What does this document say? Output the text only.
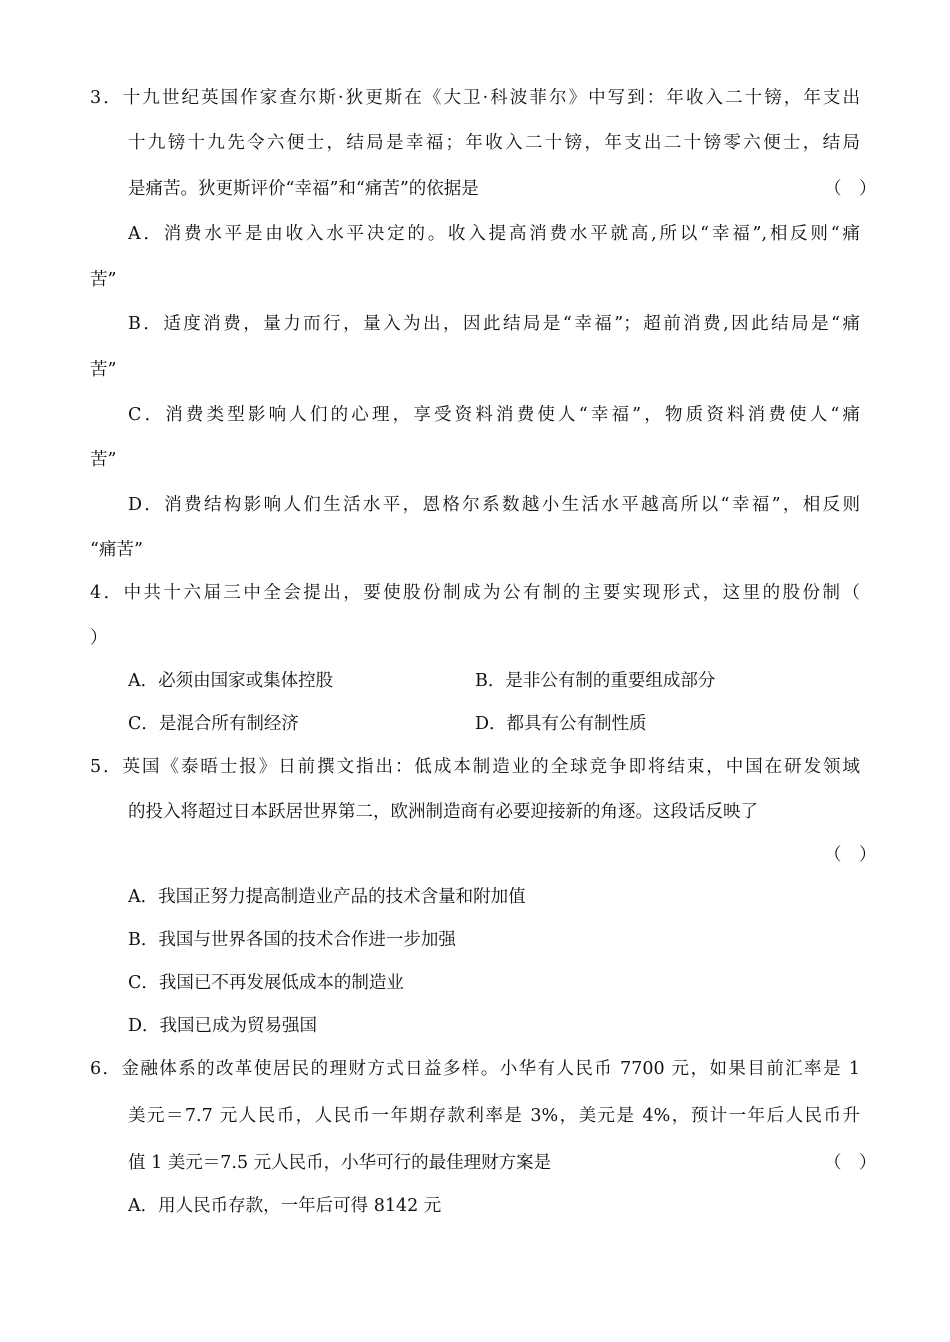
3．十九世纪英国作家查尔斯·狄更斯在《大卫·科波菲尔》中写到：年收入二十镑，年支出
十九镑十九先令六便士，结局是幸福；年收入二十镑，年支出二十镑零六便士，结局
是痛苦。狄更斯评价“幸福”和“痛苦”的依据是	（　）
A．消费水平是由收入水平决定的。收入提高消费水平就高,所以“幸福”,相反则“痛
苦”
B．适度消费，量力而行，量入为出，因此结局是“幸福”；超前消费,因此结局是“痛
苦”
C．消费类型影响人们的心理，享受资料消费使人“幸福”，物质资料消费使人“痛
苦”
D．消费结构影响人们生活水平，恩格尔系数越小生活水平越高所以“幸福”，相反则
“痛苦”
4．中共十六届三中全会提出，要使股份制成为公有制的主要实现形式，这里的股份制（
）
A．必须由国家或集体控股	B．是非公有制的重要组成部分
C．是混合所有制经济	D．都具有公有制性质
5．英国《泰晤士报》日前撰文指出：低成本制造业的全球竞争即将结束，中国在研发领域
的投入将超过日本跃居世界第二，欧洲制造商有必要迎接新的角逐。这段话反映了
（　）
A．我国正努力提高制造业产品的技术含量和附加值
B．我国与世界各国的技术合作进一步加强
C．我国已不再发展低成本的制造业
D．我国已成为贸易强国
6．金融体系的改革使居民的理财方式日益多样。小华有人民币 7700 元，如果目前汇率是 1
美元＝7.7 元人民币，人民币一年期存款利率是 3%，美元是 4%，预计一年后人民币升
值 1 美元＝7.5 元人民币，小华可行的最佳理财方案是	（　）
A．用人民币存款，一年后可得 8142 元
